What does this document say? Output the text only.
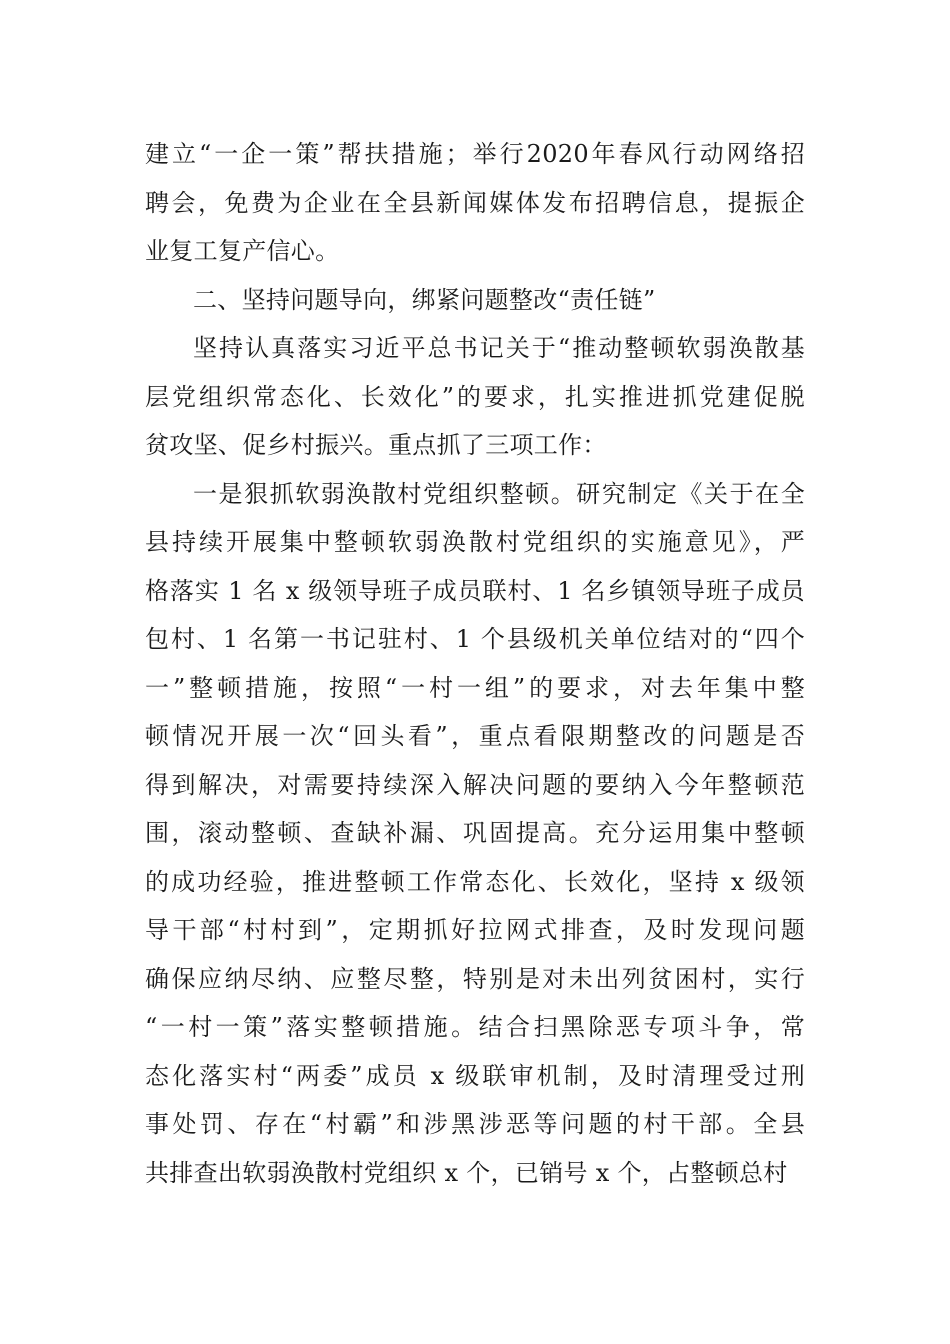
建立“一企一策”帮扶措施；举行2020年春风行动网络招
聘会，免费为企业在全县新闻媒体发布招聘信息，提振企
业复工复产信心。
二、坚持问题导向，绑紧问题整改“责任链”
坚持认真落实习近平总书记关于“推动整顿软弱涣散基
层党组织常态化、长效化”的要求，扎实推进抓党建促脱
贫攻坚、促乡村振兴。重点抓了三项工作：
一是狠抓软弱涣散村党组织整顿。研究制定《关于在全
县持续开展集中整顿软弱涣散村党组织的实施意见》，严
格落实 1 名 x 级领导班子成员联村、1 名乡镇领导班子成员
包村、1 名第一书记驻村、1 个县级机关单位结对的“四个
一”整顿措施，按照“一村一组”的要求，对去年集中整
顿情况开展一次“回头看”，重点看限期整改的问题是否
得到解决，对需要持续深入解决问题的要纳入今年整顿范
围，滚动整顿、查缺补漏、巩固提高。充分运用集中整顿
的成功经验，推进整顿工作常态化、长效化，坚持 x 级领
导干部“村村到”，定期抓好拉网式排查，及时发现问题
确保应纳尽纳、应整尽整，特别是对未出列贫困村，实行
“一村一策”落实整顿措施。结合扫黑除恶专项斗争，常
态化落实村“两委”成员 x 级联审机制，及时清理受过刑
事处罚、存在“村霸”和涉黑涉恶等问题的村干部。全县
共排查出软弱涣散村党组织 x 个，已销号 x 个，占整顿总村
